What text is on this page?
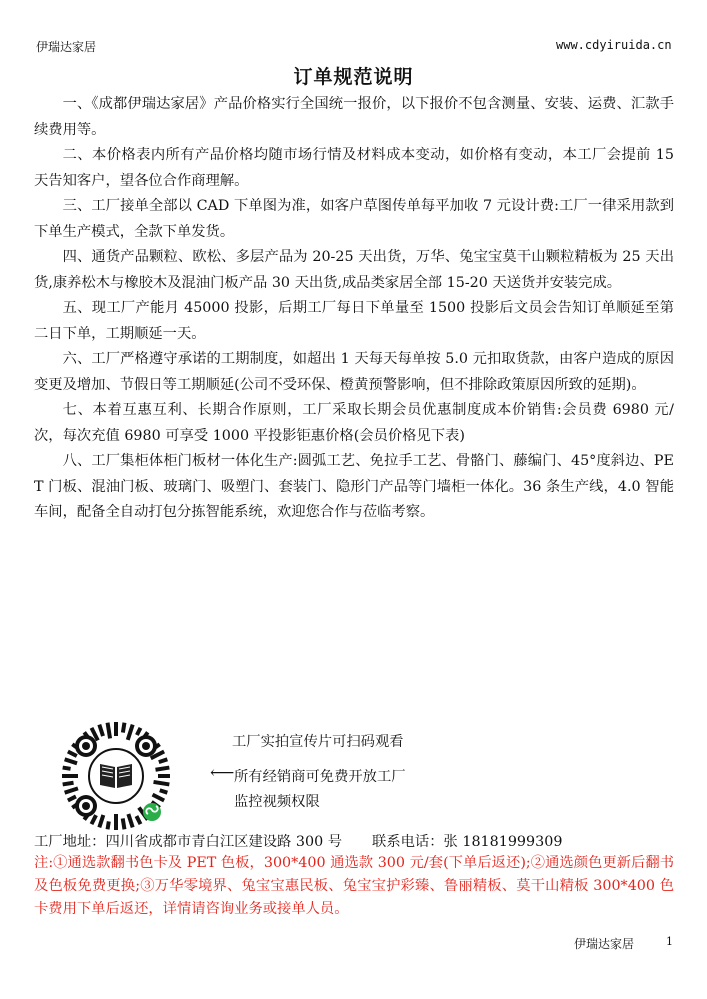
伊瑞达家居	www.cdyiruida.cn
订单规范说明

一、《成都伊瑞达家居》产品价格实行全国统一报价，以下报价不包含测量、安装、运费、汇款手续费用等。

二、本价格表内所有产品价格均随市场行情及材料成本变动，如价格有变动，本工厂会提前 15 天告知客户，望各位合作商理解。

三、工厂接单全部以 CAD 下单图为准，如客户草图传单每平加收 7 元设计费:工厂一律采用款到下单生产模式，全款下单发货。

四、通货产品颗粒、欧松、多层产品为 20-25 天出货，万华、兔宝宝莫干山颗粒精板为 25 天出货,康养松木与橡胶木及混油门板产品 30 天出货,成品类家居全部 15-20 天送货并安装完成。

五、现工厂产能月 45000 投影，后期工厂每日下单量至 1500 投影后文员会告知订单顺延至第二日下单，工期顺延一天。

六、工厂严格遵守承诺的工期制度，如超出 1 天每天每单按 5.0 元扣取货款，由客户造成的原因变更及增加、节假日等工期顺延(公司不受环保、橙黄预警影响，但不排除政策原因所致的延期)。

七、本着互惠互利、长期合作原则，工厂采取长期会员优惠制度成本价销售:会员费 6980 元/次，每次充值 6980 可享受 1000 平投影钜惠价格(会员价格见下表)

八、工厂集柜体柜门板材一体化生产:圆弧工艺、免拉手工艺、骨骼门、藤编门、45°度斜边、PET 门板、混油门板、玻璃门、吸塑门、套装门、隐形门产品等门墙柜一体化。36 条生产线，4.0 智能车间，配备全自动打包分拣智能系统，欢迎您合作与莅临考察。

工厂实拍宣传片可扫码观看
⟵ 所有经销商可免费开放工厂
监控视频权限
工厂地址：四川省成都市青白江区建设路 300 号 联系电话：张 18181999309

注:①通选款翻书色卡及 PET 色板，300*400 通选款 300 元/套(下单后返还);②通选颜色更新后翻书及色板免费更换;③万华零境界、兔宝宝惠民板、兔宝宝护彩臻、鲁丽精板、莫干山精板 300*400 色卡费用下单后返还，详情请咨询业务或接单人员。

伊瑞达家居	1
